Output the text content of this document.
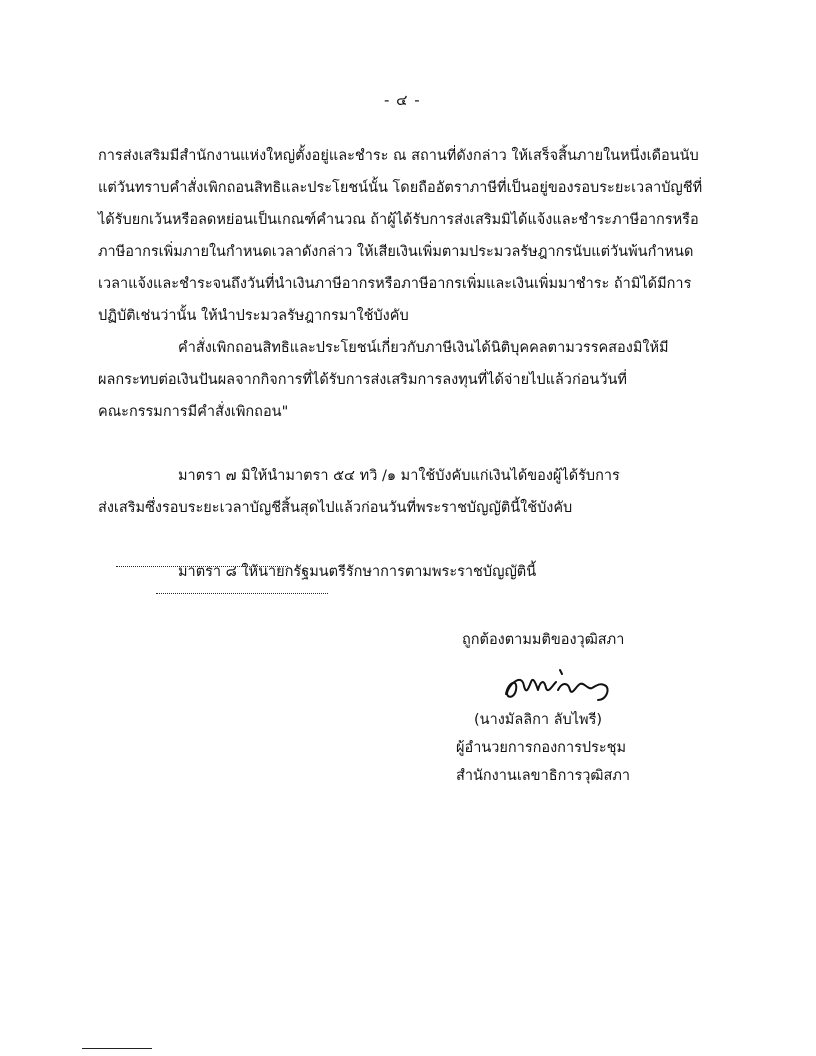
- ๔ -
การส่งเสริมมีสำนักงานแห่งใหญ่ตั้งอยู่และชำระ ณ สถานที่ดังกล่าว ให้เสร็จสิ้นภายในหนึ่งเดือนนับ
แต่วันทราบคำสั่งเพิกถอนสิทธิและประโยชน์นั้น โดยถืออัตราภาษีที่เป็นอยู่ของรอบระยะเวลาบัญชีที่
ได้รับยกเว้นหรือลดหย่อนเป็นเกณฑ์คำนวณ ถ้าผู้ได้รับการส่งเสริมมิได้แจ้งและชำระภาษีอากรหรือ
ภาษีอากรเพิ่มภายในกำหนดเวลาดังกล่าว ให้เสียเงินเพิ่มตามประมวลรัษฎากรนับแต่วันพ้นกำหนด
เวลาแจ้งและชำระจนถึงวันที่นำเงินภาษีอากรหรือภาษีอากรเพิ่มและเงินเพิ่มมาชำระ ถ้ามิได้มีการ
ปฏิบัติเช่นว่านั้น ให้นำประมวลรัษฎากรมาใช้บังคับ
คำสั่งเพิกถอนสิทธิและประโยชน์เกี่ยวกับภาษีเงินได้นิติบุคคลตามวรรคสองมิให้มี
ผลกระทบต่อเงินปันผลจากกิจการที่ได้รับการส่งเสริมการลงทุนที่ได้จ่ายไปแล้วก่อนวันที่
คณะกรรมการมีคำสั่งเพิกถอน"
มาตรา ๗ มิให้นำมาตรา ๕๔ ทวิ /๑ มาใช้บังคับแก่เงินได้ของผู้ได้รับการ
ส่งเสริมซึ่งรอบระยะเวลาบัญชีสิ้นสุดไปแล้วก่อนวันที่พระราชบัญญัตินี้ใช้บังคับ
มาตรา ๘ ให้นายกรัฐมนตรีรักษาการตามพระราชบัญญัตินี้
ถูกต้องตามมติของวุฒิสภา
(นางมัลลิกา ลับไพรี)
ผู้อำนวยการกองการประชุม
สำนักงานเลขาธิการวุฒิสภา
